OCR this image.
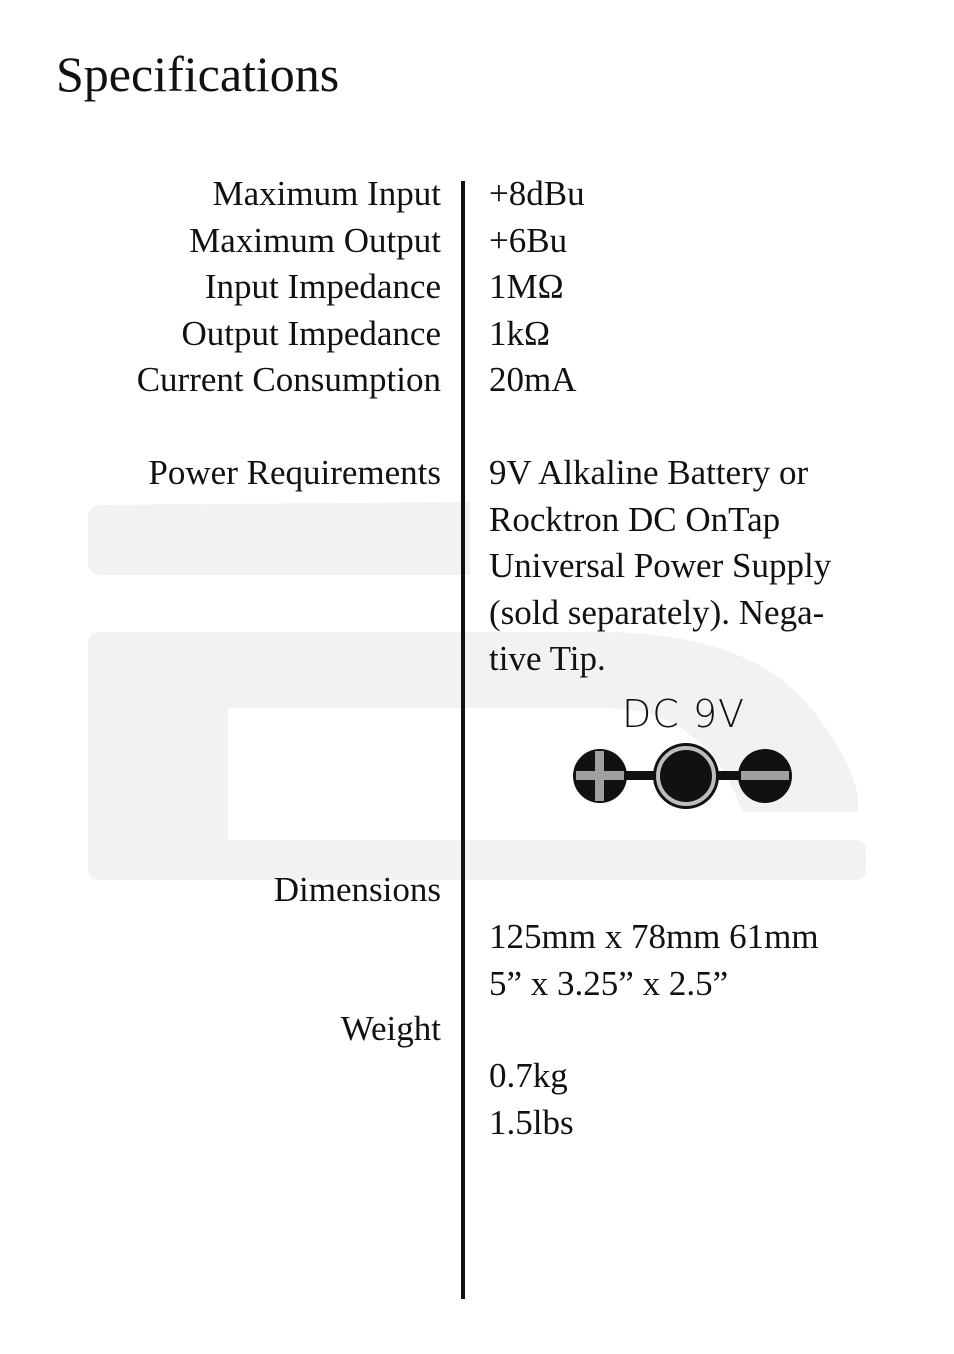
Specifications
Maximum Input
Maximum Output
Input Impedance
Output Impedance
Current Consumption
Power Requirements
Dimensions
Weight
+8dBu
+6Bu
1MΩ
1kΩ
20mA
9V Alkaline Battery or
Rocktron DC OnTap
Universal Power Supply
(sold separately). Nega-
tive Tip.
125mm x 78mm 61mm
5” x 3.25” x 2.5”
0.7kg
1.5lbs
DC 9V
